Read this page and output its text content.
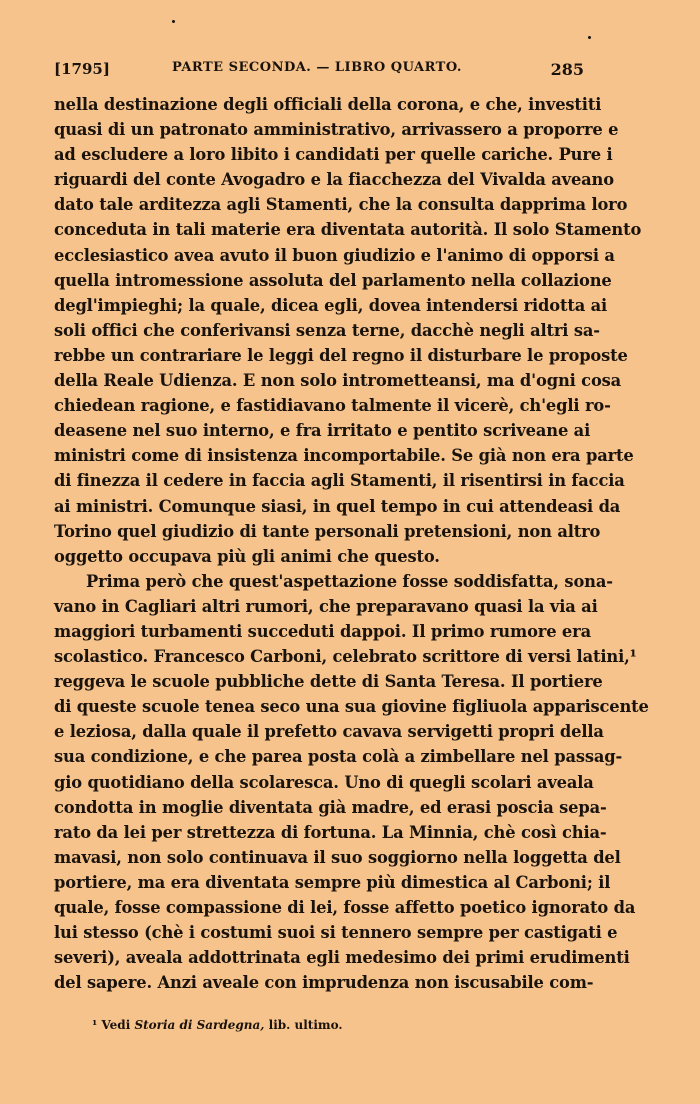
[1795]	PARTE SECONDA. — LIBRO QUARTO.	285
nella destinazione degli officiali della corona, e che, investiti
quasi di un patronato amministrativo, arrivassero a proporre e
ad escludere a loro libito i candidati per quelle cariche. Pure i
riguardi del conte Avogadro e la fiacchezza del Vivalda aveano
dato tale arditezza agli Stamenti, che la consulta dapprima loro
conceduta in tali materie era diventata autorità. Il solo Stamento
ecclesiastico avea avuto il buon giudizio e l'animo di opporsi a
quella intromessione assoluta del parlamento nella collazione
degl'impieghi; la quale, dicea egli, dovea intendersi ridotta ai
soli offici che conferivansi senza terne, dacchè negli altri sa-
rebbe un contrariare le leggi del regno il disturbare le proposte
della Reale Udienza. E non solo intrometteansi, ma d'ogni cosa
chiedean ragione, e fastidiavano talmente il vicerè, ch'egli ro-
deasene nel suo interno, e fra irritato e pentito scriveane ai
ministri come di insistenza incomportabile. Se già non era parte
di finezza il cedere in faccia agli Stamenti, il risentirsi in faccia
ai ministri. Comunque siasi, in quel tempo in cui attendeasi da
Torino quel giudizio di tante personali pretensioni, non altro
oggetto occupava più gli animi che questo.
Prima però che quest'aspettazione fosse soddisfatta, sona-
vano in Cagliari altri rumori, che preparavano quasi la via ai
maggiori turbamenti succeduti dappoi. Il primo rumore era
scolastico. Francesco Carboni, celebrato scrittore di versi latini,¹
reggeva le scuole pubbliche dette di Santa Teresa. Il portiere
di queste scuole tenea seco una sua giovine figliuola appariscente
e leziosa, dalla quale il prefetto cavava servigetti propri della
sua condizione, e che parea posta colà a zimbellare nel passag-
gio quotidiano della scolaresca. Uno di quegli scolari aveala
condotta in moglie diventata già madre, ed erasi poscia sepa-
rato da lei per strettezza di fortuna. La Minnia, chè così chia-
mavasi, non solo continuava il suo soggiorno nella loggetta del
portiere, ma era diventata sempre più dimestica al Carboni; il
quale, fosse compassione di lei, fosse affetto poetico ignorato da
lui stesso (chè i costumi suoi si tennero sempre per castigati e
severi), aveala addottrinata egli medesimo dei primi erudimenti
del sapere. Anzi aveale con imprudenza non iscusabile com-
¹ Vedi Storia di Sardegna, lib. ultimo.
